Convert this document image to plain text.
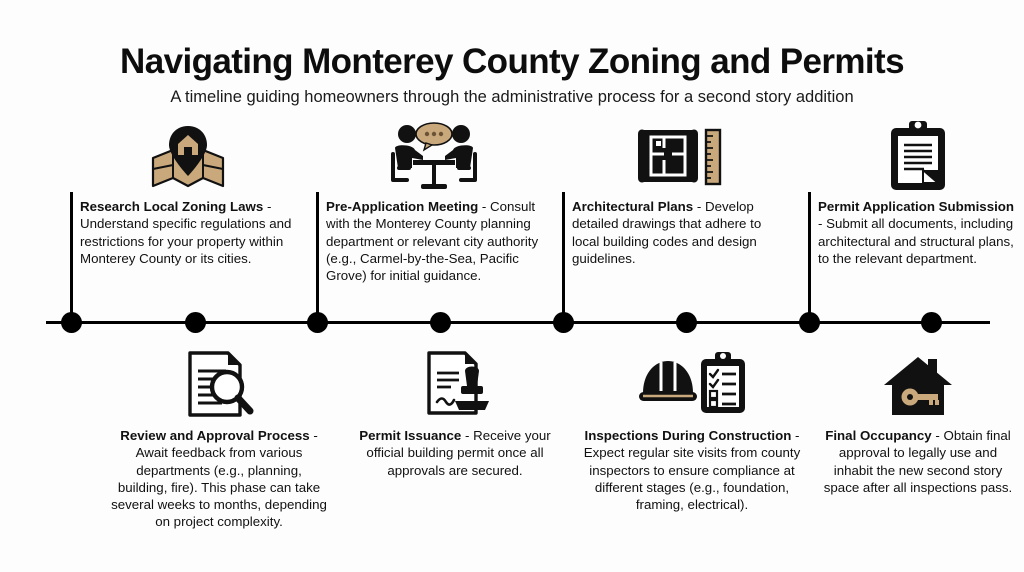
Navigating Monterey County Zoning and Permits
A timeline guiding homeowners through the administrative process for a second story addition
Research Local Zoning Laws - Understand specific regulations and restrictions for your property within Monterey County or its cities.
Pre-Application Meeting - Consult with the Monterey County planning department or relevant city authority (e.g., Carmel-by-the-Sea, Pacific Grove) for initial guidance.
Architectural Plans - Develop detailed drawings that adhere to local building codes and design guidelines.
Permit Application Submission - Submit all documents, including architectural and structural plans, to the relevant department.
Review and Approval Process - Await feedback from various departments (e.g., planning, building, fire). This phase can take several weeks to months, depending on project complexity.
Permit Issuance - Receive your official building permit once all approvals are secured.
Inspections During Construction - Expect regular site visits from county inspectors to ensure compliance at different stages (e.g., foundation, framing, electrical).
Final Occupancy - Obtain final approval to legally use and inhabit the new second story space after all inspections pass.
